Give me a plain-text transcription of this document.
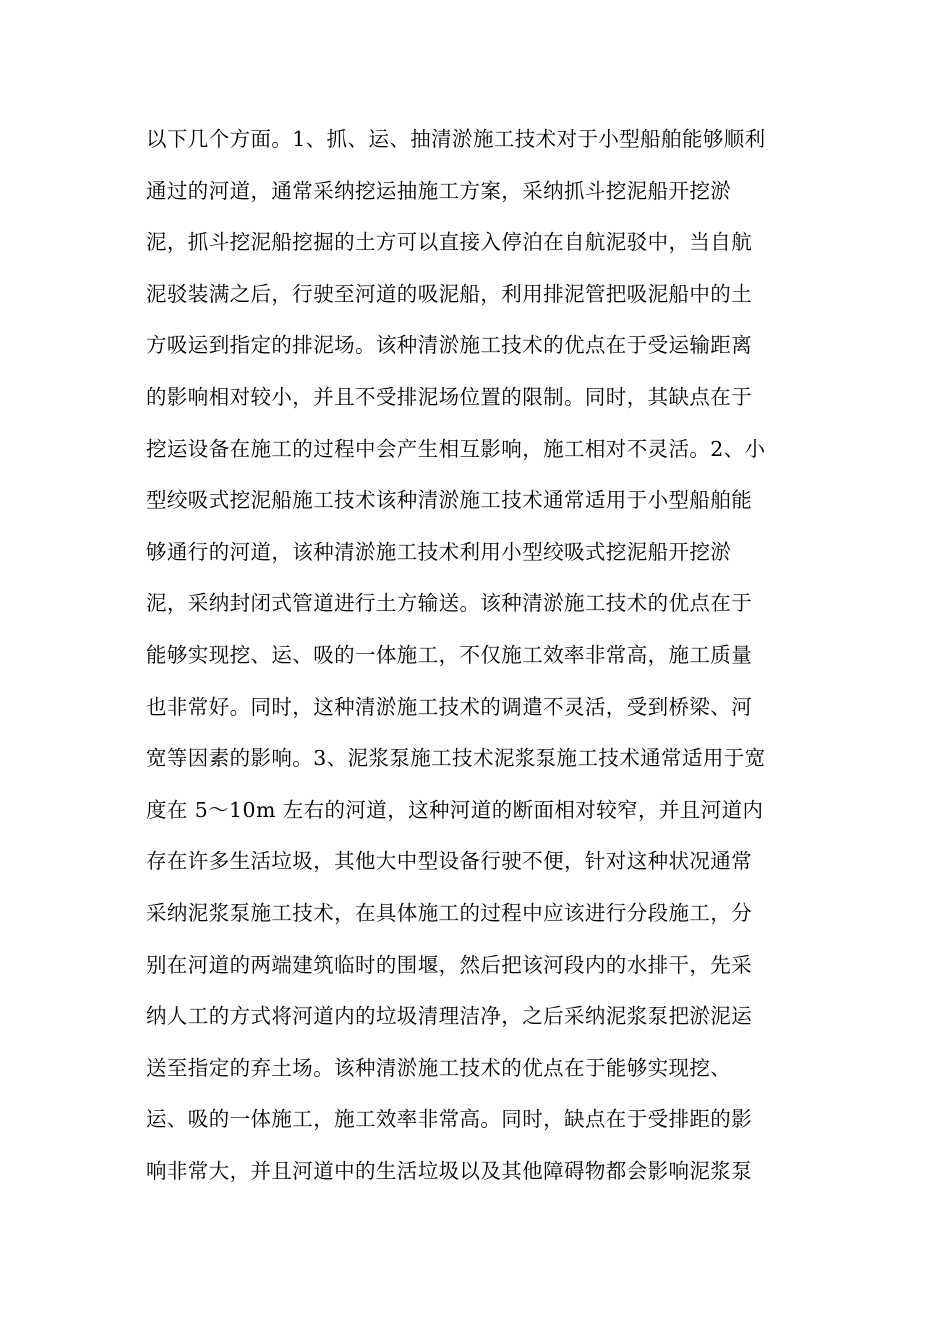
以下几个方面。1、抓、运、抽清淤施工技术对于小型船舶能够顺利
通过的河道，通常采纳挖运抽施工方案，采纳抓斗挖泥船开挖淤
泥，抓斗挖泥船挖掘的土方可以直接入停泊在自航泥驳中，当自航
泥驳装满之后，行驶至河道的吸泥船，利用排泥管把吸泥船中的土
方吸运到指定的排泥场。该种清淤施工技术的优点在于受运输距离
的影响相对较小，并且不受排泥场位置的限制。同时，其缺点在于
挖运设备在施工的过程中会产生相互影响，施工相对不灵活。2、小
型绞吸式挖泥船施工技术该种清淤施工技术通常适用于小型船舶能
够通行的河道，该种清淤施工技术利用小型绞吸式挖泥船开挖淤
泥，采纳封闭式管道进行土方输送。该种清淤施工技术的优点在于
能够实现挖、运、吸的一体施工，不仅施工效率非常高，施工质量
也非常好。同时，这种清淤施工技术的调遣不灵活，受到桥梁、河
宽等因素的影响。3、泥浆泵施工技术泥浆泵施工技术通常适用于宽
度在 5～10m 左右的河道，这种河道的断面相对较窄，并且河道内
存在许多生活垃圾，其他大中型设备行驶不便，针对这种状况通常
采纳泥浆泵施工技术，在具体施工的过程中应该进行分段施工，分
别在河道的两端建筑临时的围堰，然后把该河段内的水排干，先采
纳人工的方式将河道内的垃圾清理洁净，之后采纳泥浆泵把淤泥运
送至指定的弃土场。该种清淤施工技术的优点在于能够实现挖、
运、吸的一体施工，施工效率非常高。同时，缺点在于受排距的影
响非常大，并且河道中的生活垃圾以及其他障碍物都会影响泥浆泵
